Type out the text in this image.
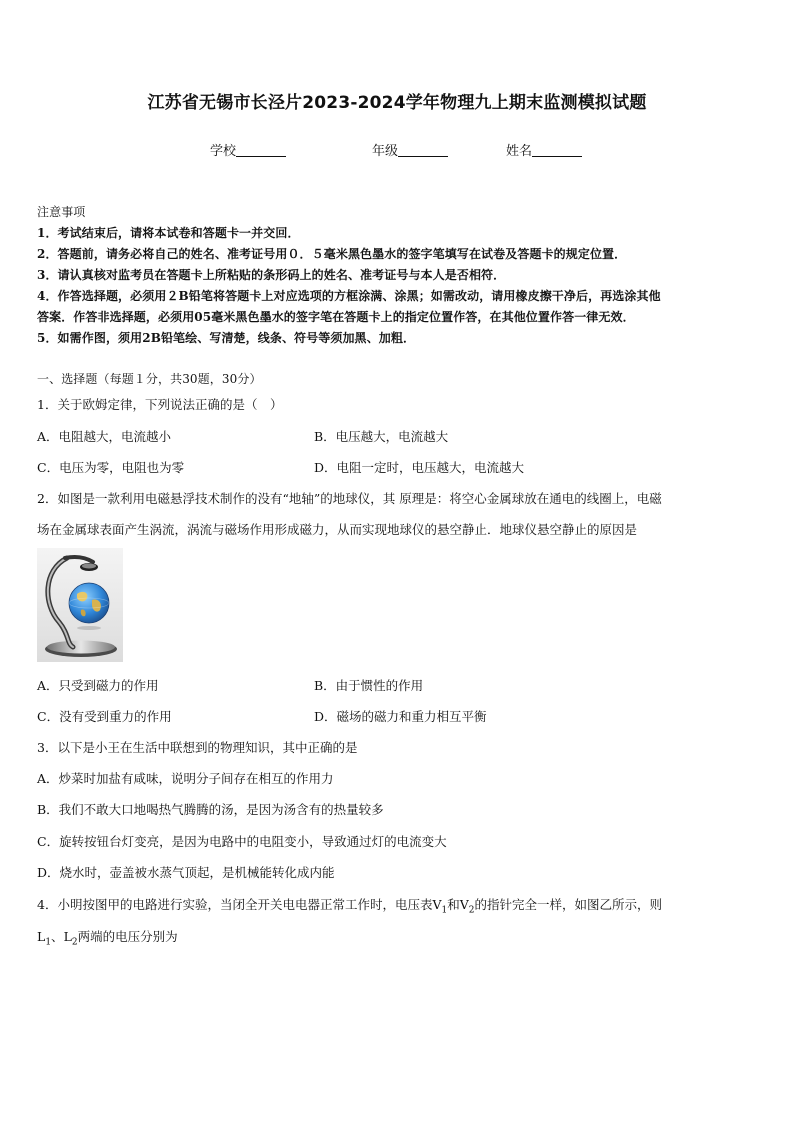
江苏省无锡市长泾片2023-2024学年物理九上期末监测模拟试题
学校	年级	姓名
注意事项
1．考试结束后，请将本试卷和答题卡一并交回．
2．答题前，请务必将自己的姓名、准考证号用０．５毫米黑色墨水的签字笔填写在试卷及答题卡的规定位置．
3．请认真核对监考员在答题卡上所粘贴的条形码上的姓名、准考证号与本人是否相符．
4．作答选择题，必须用２B铅笔将答题卡上对应选项的方框涂满、涂黑；如需改动，请用橡皮擦干净后，再选涂其他
答案．作答非选择题，必须用05毫米黑色墨水的签字笔在答题卡上的指定位置作答，在其他位置作答一律无效．
5．如需作图，须用2B铅笔绘、写清楚，线条、符号等须加黑、加粗．
一、选择题（每题１分，共30题，30分）
1．关于欧姆定律，下列说法正确的是（　）
A．电阻越大，电流越小	B．电压越大，电流越大
C．电压为零，电阻也为零	D．电阻一定时，电压越大，电流越大
2．如图是一款利用电磁悬浮技术制作的没有“地轴”的地球仪，其 原理是：将空心金属球放在通电的线圈上，电磁
场在金属球表面产生涡流，涡流与磁场作用形成磁力，从而实现地球仪的悬空静止．地球仪悬空静止的原因是
A．只受到磁力的作用	B．由于惯性的作用
C．没有受到重力的作用	D．磁场的磁力和重力相互平衡
3．以下是小王在生活中联想到的物理知识，其中正确的是
A．炒菜时加盐有咸味，说明分子间存在相互的作用力
B．我们不敢大口地喝热气腾腾的汤，是因为汤含有的热量较多
C．旋转按钮台灯变亮，是因为电路中的电阻变小，导致通过灯的电流变大
D．烧水时，壶盖被水蒸气顶起，是机械能转化成内能
4．小明按图甲的电路进行实验，当闭全开关电电器正常工作时，电压表$V_1$和$V_2$的指针完全一样，如图乙所示，则
$L_1$、$L_2$两端的电压分别为
